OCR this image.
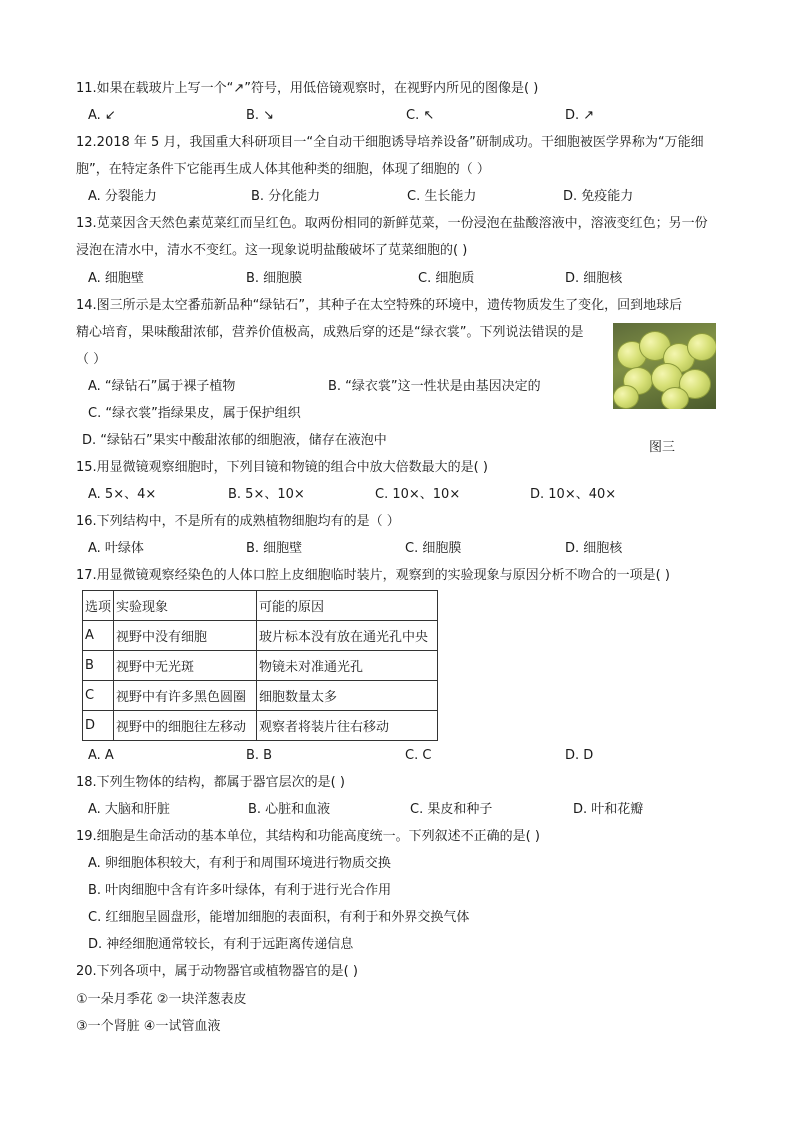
11.如果在载玻片上写一个“↗”符号，用低倍镜观察时，在视野内所见的图像是( )
A. ↙	B. ↘	C. ↖	D. ↗
12.2018 年 5 月，我国重大科研项目一“全自动干细胞诱导培养设备”研制成功。干细胞被医学界称为“万能细胞”，在特定条件下它能再生成人体其他种类的细胞，体现了细胞的（ ）
A. 分裂能力	B. 分化能力	C. 生长能力	D. 免疫能力
13.苋菜因含天然色素苋菜红而呈红色。取两份相同的新鲜苋菜，一份浸泡在盐酸溶液中，溶液变红色；另一份浸泡在清水中，清水不变红。这一现象说明盐酸破坏了苋菜细胞的( )
A. 细胞壁	B. 细胞膜	C. 细胞质	D. 细胞核
14.图三所示是太空番茄新品种“绿钻石”，其种子在太空特殊的环境中，遗传物质发生了变化，回到地球后
精心培育，果味酸甜浓郁，营养价值极高，成熟后穿的还是“绿衣裳”。下列说法错误的是
（ ）
A. “绿钻石”属于裸子植物	B. “绿衣裳”这一性状是由基因决定的
C. “绿衣裳”指绿果皮，属于保护组织
D. “绿钻石”果实中酸甜浓郁的细胞液，储存在液泡中	图三
15.用显微镜观察细胞时，下列目镜和物镜的组合中放大倍数最大的是( )
A. 5×、4×	B. 5×、10×	C. 10×、10×	D. 10×、40×
16.下列结构中，不是所有的成熟植物细胞均有的是（ ）
A. 叶绿体	B. 细胞壁	C. 细胞膜	D. 细胞核
17.用显微镜观察经染色的人体口腔上皮细胞临时装片，观察到的实验现象与原因分析不吻合的一项是( )
选项	实验现象	可能的原因
A	视野中没有细胞	玻片标本没有放在通光孔中央
B	视野中无光斑	物镜未对准通光孔
C	视野中有许多黑色圆圈	细胞数量太多
D	视野中的细胞往左移动	观察者将装片往右移动
A. A	B. B	C. C	D. D
18.下列生物体的结构，都属于器官层次的是( )
A. 大脑和肝脏	B. 心脏和血液	C. 果皮和种子	D. 叶和花瓣
19.细胞是生命活动的基本单位，其结构和功能高度统一。下列叙述不正确的是( )
A. 卵细胞体积较大，有利于和周围环境进行物质交换
B. 叶肉细胞中含有许多叶绿体，有利于进行光合作用
C. 红细胞呈圆盘形，能增加细胞的表面积，有利于和外界交换气体
D. 神经细胞通常较长，有利于远距离传递信息
20.下列各项中，属于动物器官或植物器官的是( )
①一朵月季花 ②一块洋葱表皮
③一个肾脏 ④一试管血液
